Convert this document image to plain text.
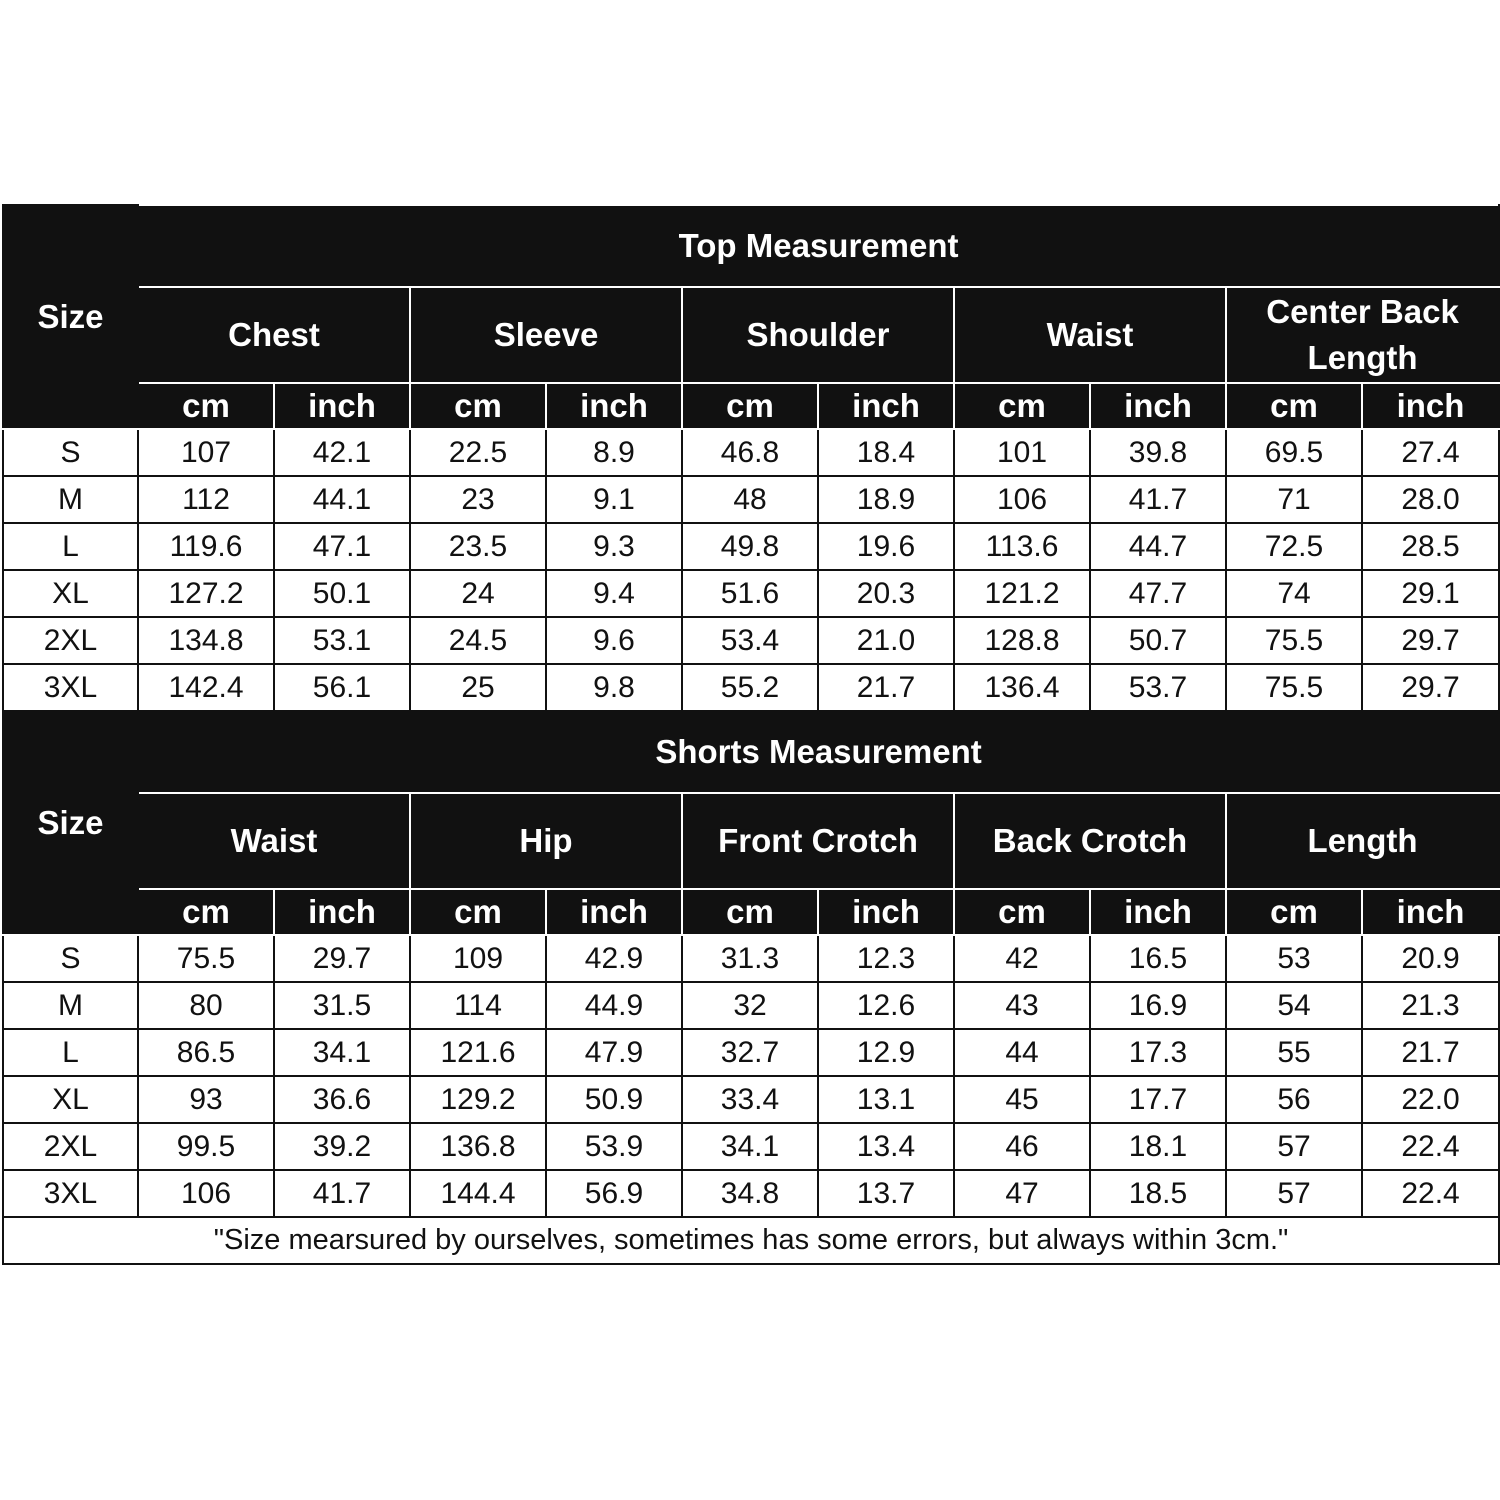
Size	Top Measurement									
	Chest		Sleeve		Shoulder		Waist		Center Back Length	
	cm	inch	cm	inch	cm	inch	cm	inch	cm	inch
S	107	42.1	22.5	8.9	46.8	18.4	101	39.8	69.5	27.4
M	112	44.1	23	9.1	48	18.9	106	41.7	71	28.0
L	119.6	47.1	23.5	9.3	49.8	19.6	113.6	44.7	72.5	28.5
XL	127.2	50.1	24	9.4	51.6	20.3	121.2	47.7	74	29.1
2XL	134.8	53.1	24.5	9.6	53.4	21.0	128.8	50.7	75.5	29.7
3XL	142.4	56.1	25	9.8	55.2	21.7	136.4	53.7	75.5	29.7
Size	Shorts Measurement									
	Waist		Hip		Front Crotch		Back Crotch		Length	
	cm	inch	cm	inch	cm	inch	cm	inch	cm	inch
S	75.5	29.7	109	42.9	31.3	12.3	42	16.5	53	20.9
M	80	31.5	114	44.9	32	12.6	43	16.9	54	21.3
L	86.5	34.1	121.6	47.9	32.7	12.9	44	17.3	55	21.7
XL	93	36.6	129.2	50.9	33.4	13.1	45	17.7	56	22.0
2XL	99.5	39.2	136.8	53.9	34.1	13.4	46	18.1	57	22.4
3XL	106	41.7	144.4	56.9	34.8	13.7	47	18.5	57	22.4
"Size mearsured by ourselves, sometimes has some errors, but always within 3cm."										
